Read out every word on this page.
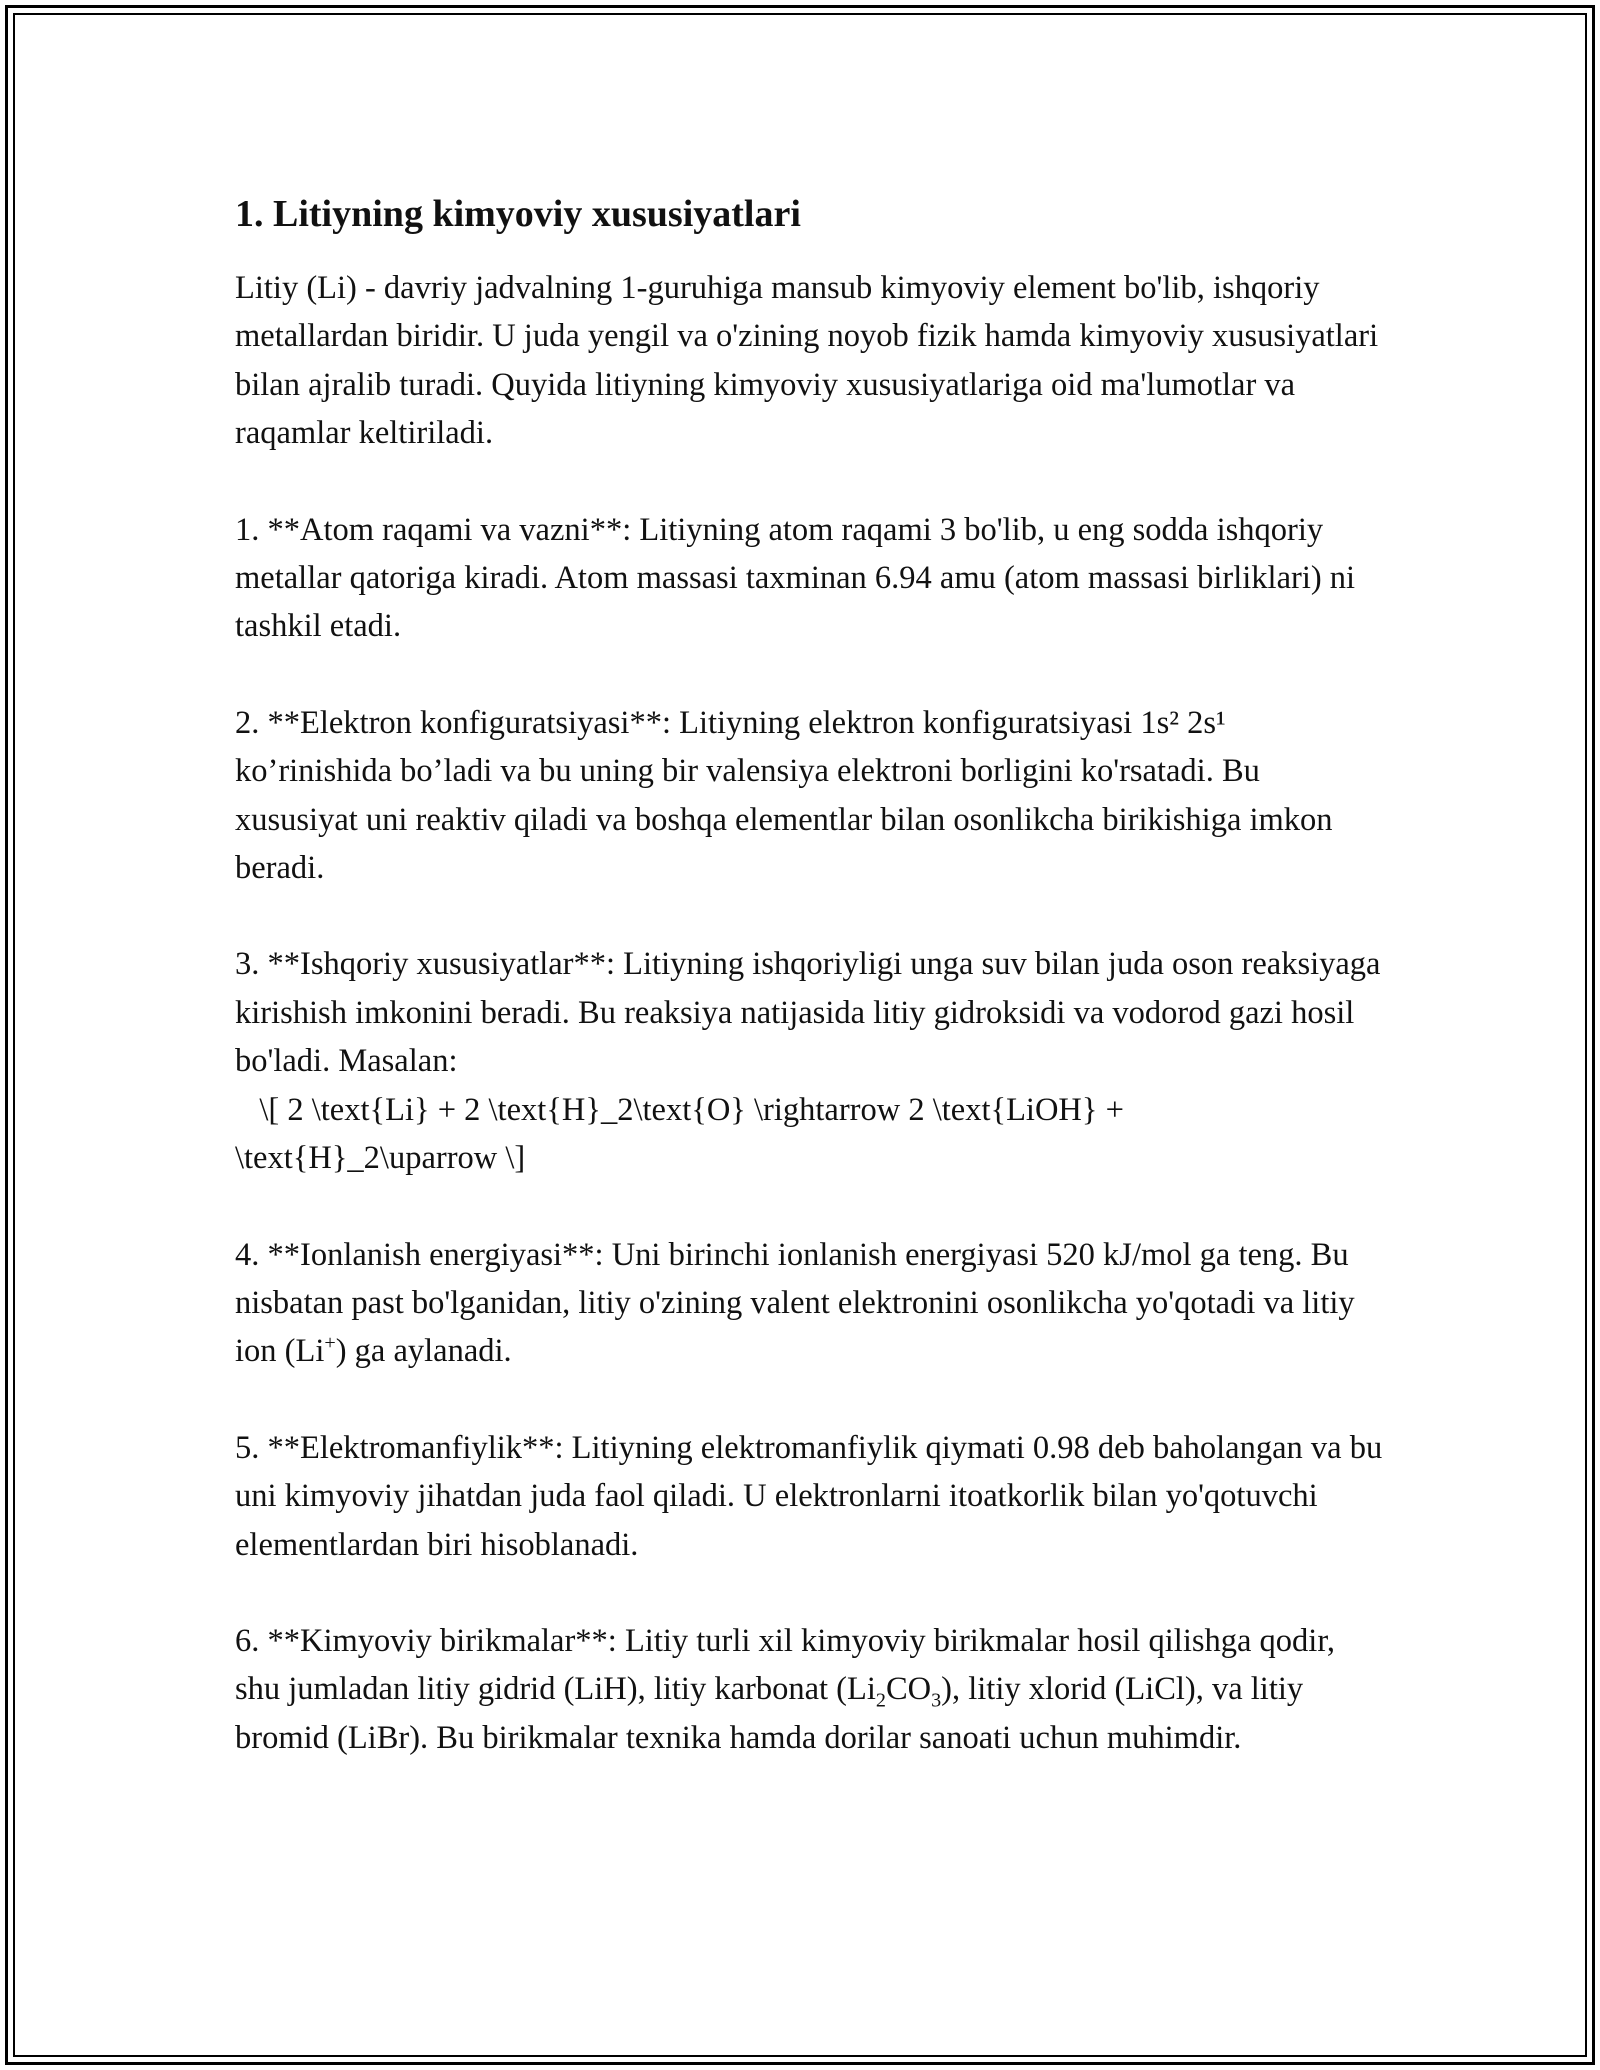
1. Litiyning kimyoviy xususiyatlari

Litiy (Li) - davriy jadvalning 1-guruhiga mansub kimyoviy element bo'lib, ishqoriy metallardan biridir. U juda yengil va o'zining noyob fizik hamda kimyoviy xususiyatlari bilan ajralib turadi. Quyida litiyning kimyoviy xususiyatlariga oid ma'lumotlar va raqamlar keltiriladi.

1. **Atom raqami va vazni**: Litiyning atom raqami 3 bo'lib, u eng sodda ishqoriy metallar qatoriga kiradi. Atom massasi taxminan 6.94 amu (atom massasi birliklari) ni tashkil etadi.

2. **Elektron konfiguratsiyasi**: Litiyning elektron konfiguratsiyasi 1s² 2s¹ ko’rinishida bo’ladi va bu uning bir valensiya elektroni borligini ko'rsatadi. Bu xususiyat uni reaktiv qiladi va boshqa elementlar bilan osonlikcha birikishiga imkon beradi.

3. **Ishqoriy xususiyatlar**: Litiyning ishqoriyligi unga suv bilan juda oson reaksiyaga kirishish imkonini beradi. Bu reaksiya natijasida litiy gidroksidi va vodorod gazi hosil bo'ladi. Masalan:
\[ 2 \text{Li} + 2 \text{H}_2\text{O} \rightarrow 2 \text{LiOH} + \text{H}_2\uparrow \]

4. **Ionlanish energiyasi**: Uni birinchi ionlanish energiyasi 520 kJ/mol ga teng. Bu nisbatan past bo'lganidan, litiy o'zining valent elektronini osonlikcha yo'qotadi va litiy ion (Li+) ga aylanadi.

5. **Elektromanfiylik**: Litiyning elektromanfiylik qiymati 0.98 deb baholangan va bu uni kimyoviy jihatdan juda faol qiladi. U elektronlarni itoatkorlik bilan yo'qotuvchi elementlardan biri hisoblanadi.

6. **Kimyoviy birikmalar**: Litiy turli xil kimyoviy birikmalar hosil qilishga qodir, shu jumladan litiy gidrid (LiH), litiy karbonat $(Li_2CO_3)$, litiy xlorid (LiCl), va litiy bromid (LiBr). Bu birikmalar texnika hamda dorilar sanoati uchun muhimdir.
